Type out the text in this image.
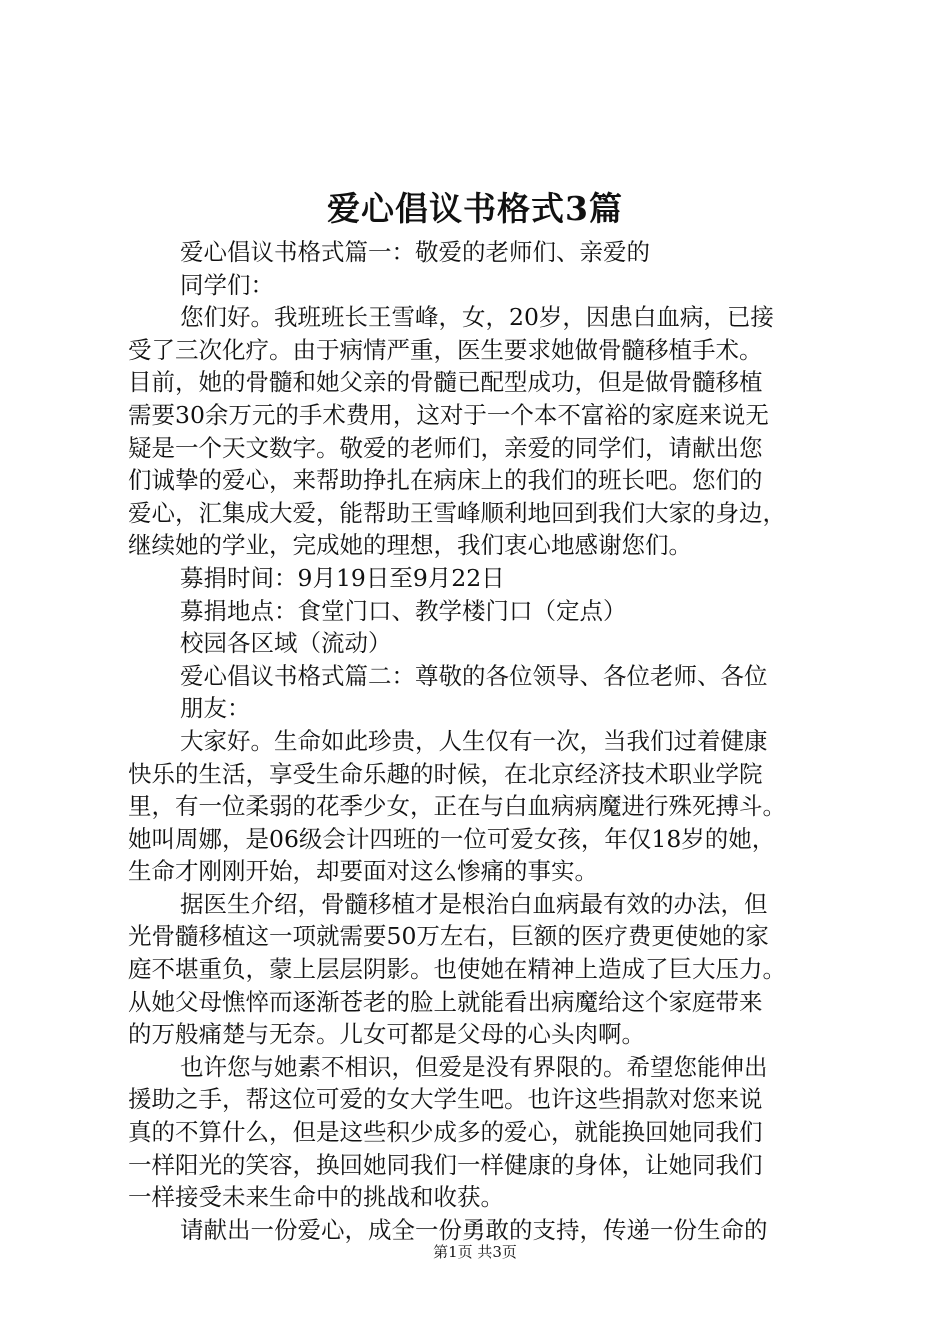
爱心倡议书格式3篇

爱心倡议书格式篇一：敬爱的老师们、亲爱的

同学们：

您们好。我班班长王雪峰，女，20岁，因患白血病，已接

受了三次化疗。由于病情严重，医生要求她做骨髓移植手术。

目前，她的骨髓和她父亲的骨髓已配型成功，但是做骨髓移植

需要30余万元的手术费用，这对于一个本不富裕的家庭来说无

疑是一个天文数字。敬爱的老师们，亲爱的同学们，请献出您

们诚挚的爱心，来帮助挣扎在病床上的我们的班长吧。您们的

爱心，汇集成大爱，能帮助王雪峰顺利地回到我们大家的身边，

继续她的学业，完成她的理想，我们衷心地感谢您们。

募捐时间：9月19日至9月22日

募捐地点：食堂门口、教学楼门口（定点）

校园各区域（流动）

爱心倡议书格式篇二：尊敬的各位领导、各位老师、各位

朋友：

大家好。生命如此珍贵，人生仅有一次，当我们过着健康

快乐的生活，享受生命乐趣的时候，在北京经济技术职业学院

里，有一位柔弱的花季少女，正在与白血病病魔进行殊死搏斗。

她叫周娜，是06级会计四班的一位可爱女孩，年仅18岁的她，

生命才刚刚开始，却要面对这么惨痛的事实。

据医生介绍，骨髓移植才是根治白血病最有效的办法，但

光骨髓移植这一项就需要50万左右，巨额的医疗费更使她的家

庭不堪重负，蒙上层层阴影。也使她在精神上造成了巨大压力。

从她父母憔悴而逐渐苍老的脸上就能看出病魔给这个家庭带来

的万般痛楚与无奈。儿女可都是父母的心头肉啊。

也许您与她素不相识，但爱是没有界限的。希望您能伸出

援助之手，帮这位可爱的女大学生吧。也许这些捐款对您来说

真的不算什么，但是这些积少成多的爱心，就能换回她同我们

一样阳光的笑容，换回她同我们一样健康的身体，让她同我们

一样接受未来生命中的挑战和收获。

请献出一份爱心，成全一份勇敢的支持，传递一份生命的

第1页 共3页
